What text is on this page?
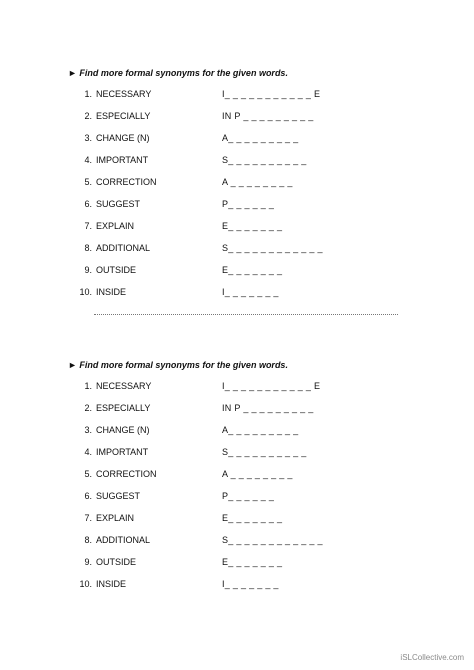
► Find more formal synonyms for the given words.
1. NECESSARY	I_ _ _ _ _ _ _ _ _ _ _ E
2. ESPECIALLY	IN P _ _ _ _ _ _ _ _ _
3. CHANGE (N)	A_ _ _ _ _ _ _ _ _
4. IMPORTANT	S_ _ _ _ _ _ _ _ _ _
5. CORRECTION	A _ _ _ _ _ _ _ _
6. SUGGEST	P_ _ _ _ _ _
7. EXPLAIN	E_ _ _ _ _ _ _
8. ADDITIONAL	S_ _ _ _ _ _ _ _ _ _ _ _
9. OUTSIDE	E_ _ _ _ _ _ _
10. INSIDE	I_ _ _ _ _ _ _
► Find more formal synonyms for the given words.
1. NECESSARY	I_ _ _ _ _ _ _ _ _ _ _ E
2. ESPECIALLY	IN P _ _ _ _ _ _ _ _ _
3. CHANGE (N)	A_ _ _ _ _ _ _ _ _
4. IMPORTANT	S_ _ _ _ _ _ _ _ _ _
5. CORRECTION	A _ _ _ _ _ _ _ _
6. SUGGEST	P_ _ _ _ _ _
7. EXPLAIN	E_ _ _ _ _ _ _
8. ADDITIONAL	S_ _ _ _ _ _ _ _ _ _ _ _
9. OUTSIDE	E_ _ _ _ _ _ _
10. INSIDE	I_ _ _ _ _ _ _
iSLCollective.com
